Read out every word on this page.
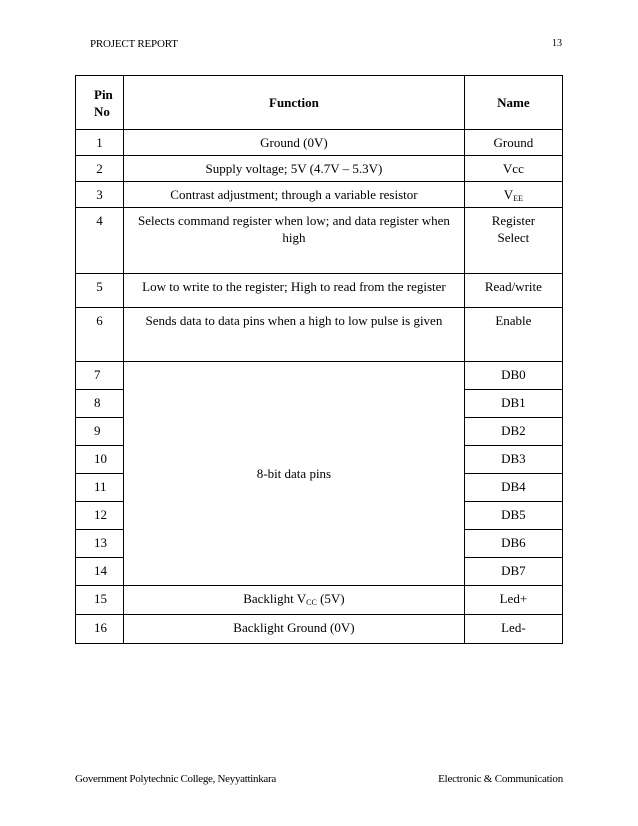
PROJECT REPORT	13
Pin
No	Function	Name
1	Ground (0V)	Ground
2	Supply voltage; 5V (4.7V – 5.3V)	Vcc
3	Contrast adjustment; through a variable resistor	$V_{EE}$
4	Selects command register when low; and data register when high	Register
Select
5	Low to write to the register; High to read from the register	Read/write
6	Sends data to data pins when a high to low pulse is given	Enable
7	8-bit data pins	DB0
8		DB1
9		DB2
10		DB3
11		DB4
12		DB5
13		DB6
14		DB7
15	Backlight $V_{CC}$ (5V)	Led+
16	Backlight Ground (0V)	Led-
Government Polytechnic College, Neyyattinkara	Electronic & Communication
